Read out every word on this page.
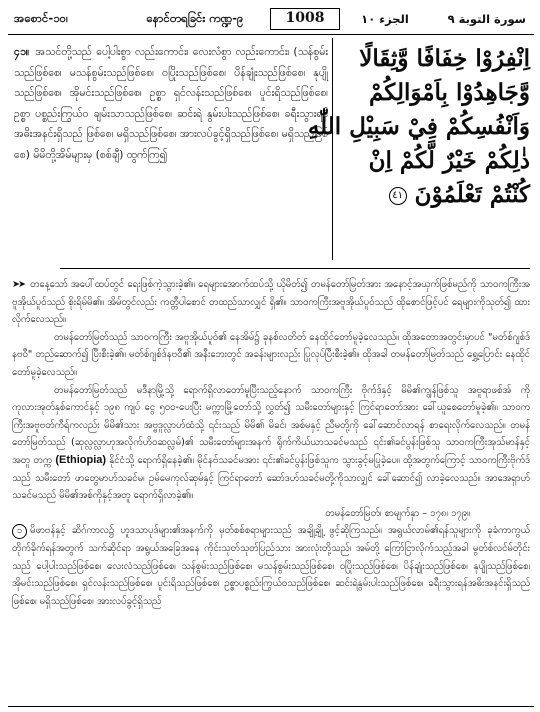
အစောင်-၁၀၊	နောင်တရခြင်း ကဏ္ဍ-၉	1008	الجزء ١٠	سورة التوبة ٩
၄၁။ အသင်တို့သည် ပေါ့ပါးစွာ လည်းကောင်း၊ လေးလံစွာ လည်းကောင်း၊ (သန်စွမ်းသည်ဖြစ်စေ၊ မသန်စွမ်းသည်ဖြစ်စေ၊ ဝပြိုးသည်ဖြစ်စေ၊ ပိန်ချုံးသည်ဖြစ်စေ၊ နုပျိုသည်ဖြစ်စေ၊ အိုမင်းသည်ဖြစ်စေ၊ ဥစ္စာ ရှင်လန်းသည်ဖြစ်စေ၊ ပူင်းရိသည်ဖြစ်စေ၊ ဥစ္စာ ပစ္စည်းကြွယ်ဝ ချမ်းသာသည်ဖြစ်စေ၊ ဆင်းရဲ နွမ်းပါးသည်ဖြစ်စေ၊ ခရီးသွားရန် အဓိးအနင်းရှိသည် ဖြစ်စေ၊ မရှိသည်ဖြစ်စေ၊ အားလပ်ခွင့်ရှိသည်ဖြစ်စေ၊ မရှိသည်ဖြစ်စေ) မိမိတို့အိမ်များမှ (စစ်ချီ) ထွက်ကြ၍
اِنْفِرُوْا خِفَافًا وَّثِقَالًا
وَّجَاهِدُوْا بِاَمْوَالِكُمْ
وَاَنْفُسِكُمْ فِيْ سَبِيْلِ اللّٰهِ
ذٰلِكُمْ خَيْرٌ لَّكُمْ اِنْ
كُنْتُمْ تَعْلَمُوْنَ ٤١
➤➤ တနေ့သော် အပေါ်ထပ်တွင် ရေးဖြစ်ကဲ့သွားခဲ့၏။ ရေများအောက်ထပ်သို့ ယိုမိတ်၍ တမန်တော်မြတ်အား အနောင့်အယှက်ဖြစ်မည်ကို သာဝကကြီးအဗူအိုယ်ပူဝ်သည် စိုးရိမ်မိ၏။ အိမ်တွင်လည်း ကတ္တီပါစောင် တထည်သာလျှင် ရှိ၏။ သာဝကကြီးအဗူအိုယ်ပူဝ်သည် ထိုစောင်ဖြင့်ပင် ရေများကိုသုတ်၍ ထားလိုက်လေသည်။
တမန်တော်မြတ်သည် သာဝကကြီး အဗူအိုယ်ပူဝ်၏ နေအိမ်၌ ခုနစ်လတိတ် နေထိုင်တော်မူခဲ့လေသည်။ ထိုအတောအတွင်းမှာပင် "မတ်စ်ဂျစ်ဒ်နဗဝီ" တည်ဆောက်၍ ပြီးစီးခဲ့၏။ မတ်စ်ဂျစ်ဒ်နဗဝီ၏ အနီးဘေးတွင် အခန်းများလည်း ပြုလုပ်ပြီးစီးခဲ့၏။ ထိုအခါ တမန်တော်မြတ်သည် ရွှေ့ပြောင်း နေထိုင်တော်မူခဲ့လေသည်။
တမန်တော်မြတ်သည် မဒီနာမြို့သို့ ရောက်ရှိလာတော်မူပြီးသည့်နောက် သာဝကကြီး ဗိုက်ဒ်နှင့် မိမိ၏ကျွန်ဖြစ်သူ အဗူရာဖစ်အ် ကို ကုလားအုတ်နှစ်ကောင်နှင့် ၁၉၈ ကျပ် ငွေ ၅၀၀-ပေးပြီး မက္ကာမြို့တော်သို့ လွှတ်၍ သမီးတော်များနှင့် ကြင်ရာတော်အား ခေါ်ယူစေတော်မူခဲ့၏။ သာဝကကြီးအဗူဗတ်ကီရ်ကလည်း မိမိ၏သား အဗ္ဗဒူလ္လာဟ်ထံသို့ ၎င်းသည် မိမိ၏ မိခင်၊ အစ်မနှင့် ညီမတို့ကို ခေါ်ဆောင်လာရန် စာရေးလိုက်လေသည်။ တမန်တော်မြတ်သည် (ဆုလ္လလ္လာဟုအလိုက်ဟိဝဆလ္လမ်)၏ သမီးတော်များအနက် ရိုက်ကိယ်ယာသခင်မသည် ၎င်း၏ခင်ပွန်းဖြစ်သူ သာဝကကြီးအုသ်မာန်နှင့်အတူ တက္က (Ethiopia) နိုင်ငံသို့ ရောက်ရှိနေခဲ့၏။ မိုင်နဗ်သခင်မအား ၎င်း၏ခင်ပွန်းဖြစ်သူက သွားခွင့်မပြုခဲ့ပေ။ ထို့အတွက်ကြောင့် သာဝကကြီးဗိုက်ဒ်သည် သမီးတော် ဖာတွေမာဟ်သခင်မ၊ ဥမ်မေကုလ်ဆုမ်နှင့် ကြင်ရာတော် ဆော်ဒဟ်သခင်မတို့ကိုသာလျှင် ခေါ်ဆောင်၍ လာခဲ့လေသည်။ အာအေရှာဟ်သခင်မသည် မိမိ၏အစ်ကိုနှင့်အတူ ရောက်ရှိလာခဲ့၏။
တမန်တော်မြတ်၊ စာမျက်နှာ – ၁၇၈၊ ၁၇၉။
၁ မိဖာဗန်နှင့် ဆိဂ်ကာလ၌ ဟူဒသာပုဒ်များ၏အနက်ကို မှတ်စစ်စရာများသည် အချို့ချို့ ဖွင့်ဆိုကြသည်။ အရွယ်လာမ်၏ရန်သူများကို ခုခံကာကွယ် တိုက်ခိုက်ရန်အတွက် သက်ဆိုင်ရာ အရွယ်အခြေအနေ ကိုင်းသုတ်သုတ်ပြည်သား အားလုံးတို့သည်၊ အမ်တို့ ကြော်ငြာလိုက်သည့်အခါ မွတ်စ်လင်မ်တိုင်းသည် ပေါ့ပါးသည်ဖြစ်စေ၊ လေးလံသည်ဖြစ်စေ၊ သန်စွမ်းသည်ဖြစ်စေ၊ မသန်စွမ်းသည်ဖြစ်စေ၊ ဝပြိုးသည်ဖြစ်စေ၊ ပိန်ချုံးသည်ဖြစ်စေ၊ နုပျိုသည်ဖြစ်စေ၊ အိုမင်းသည်ဖြစ်စေ၊ ရှင်လန်းသည်ဖြစ်စေ၊ ပူင်းရိသည်ဖြစ်စေ၊ ဥစ္စာပစ္စည်းကြွယ်ဝသည်ဖြစ်စေ၊ ဆင်းရဲနွမ်းပါးသည်ဖြစ်စေ၊ ခရီးသွားရန်အဓိးအနင်းရှိသည်ဖြစ်စေ၊ မရှိသည်ဖြစ်စေ၊ အားလပ်ခွင့်ရှိသည်
